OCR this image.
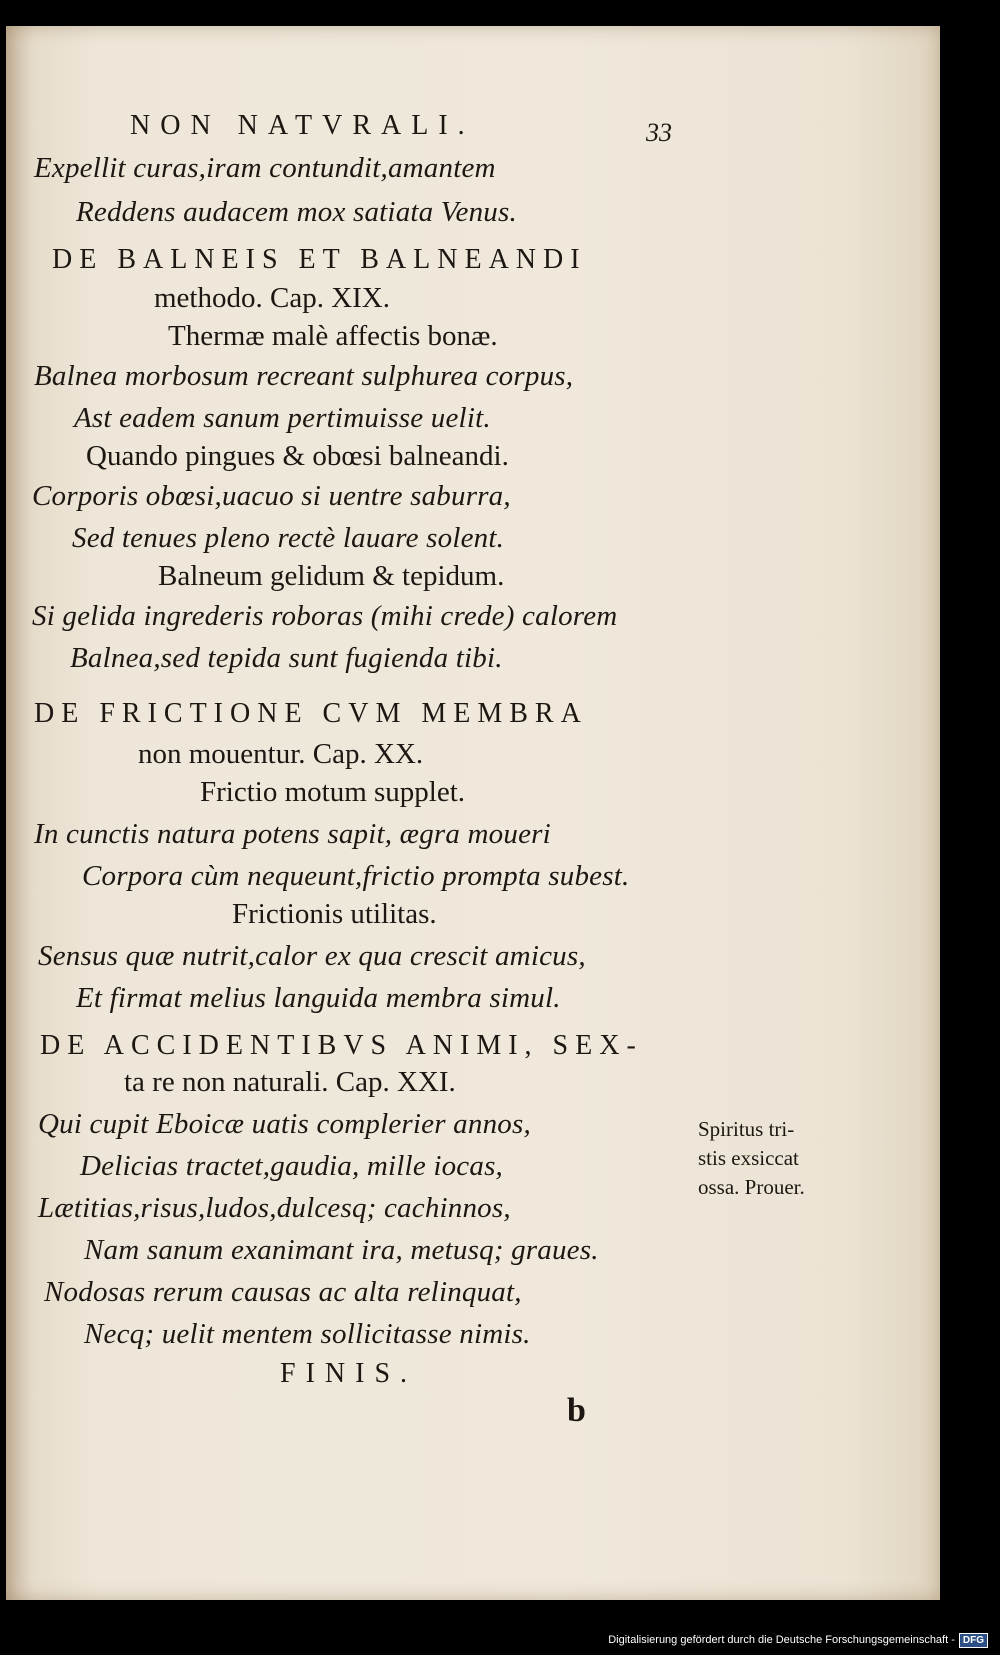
NON NATVRALI.	33
Expellit curas,iram contundit,amantem
Reddens audacem mox satiata Venus.
DE BALNEIS ET BALNEANDI
methodo. Cap. XIX.
Thermæ malè affectis bonæ.
Balnea morbosum recreant sulphurea corpus,
Ast eadem sanum pertimuisse uelit.
Quando pingues & obœsi balneandi.
Corporis obœsi,uacuo si uentre saburra,
Sed tenues pleno rectè lauare solent.
Balneum gelidum & tepidum.
Si gelida ingrederis roboras (mihi crede) calorem
Balnea,sed tepida sunt fugienda tibi.
DE FRICTIONE CVM MEMBRA
non mouentur. Cap. XX.
Frictio motum supplet.
In cunctis natura potens sapit, ægra moueri
Corpora cùm nequeunt,frictio prompta subest.
Frictionis utilitas.
Sensus quæ nutrit,calor ex qua crescit amicus,
Et firmat melius languida membra simul.
DE ACCIDENTIBVS ANIMI, SEX-
ta re non naturali. Cap. XXI.
Qui cupit Eboicæ uatis complerier annos,
Delicias tractet,gaudia, mille iocas,
Lætitias,risus,ludos,dulcesq; cachinnos,
Nam sanum exanimant ira, metusq; graues.
Nodosas rerum causas ac alta relinquat,
Necq; uelit mentem sollicitasse nimis.
FINIS.
Spiritus tri-
stis exsiccat
ossa. Prouer.
b
Digitalisierung gefördert durch die Deutsche Forschungsgemeinschaft - DFG
